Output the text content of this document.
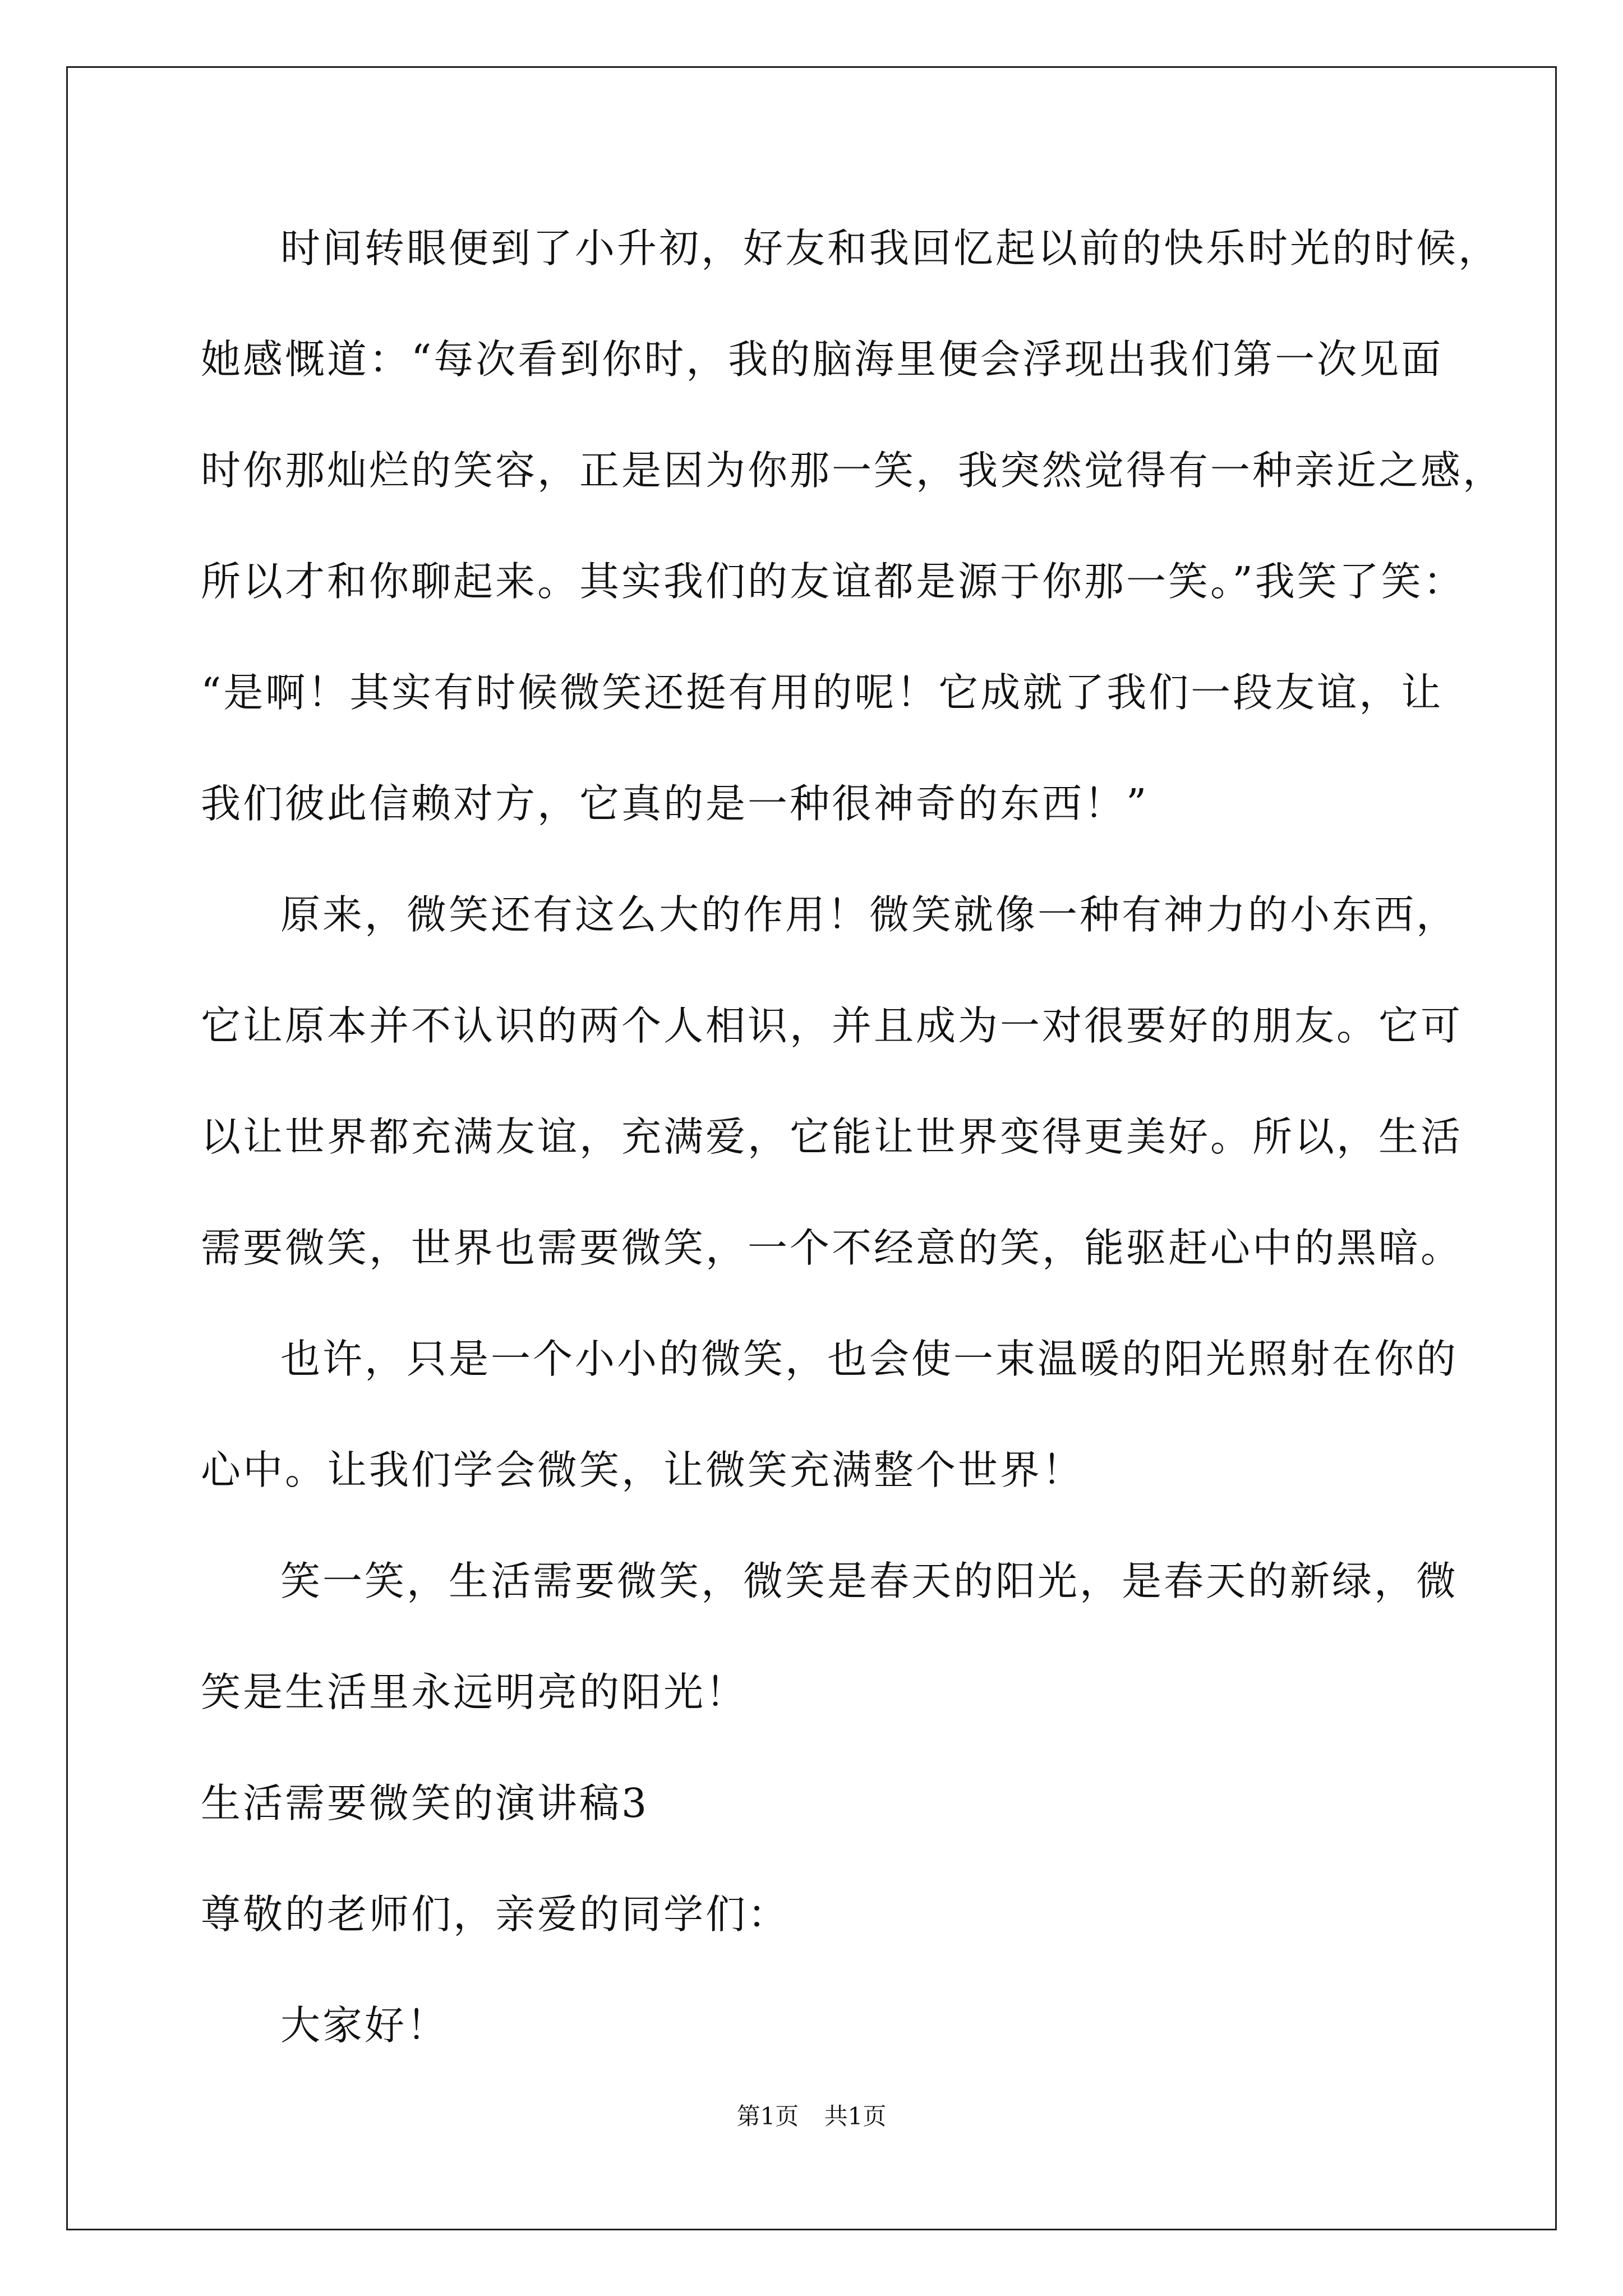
时间转眼便到了小升初，好友和我回忆起以前的快乐时光的时候，

她感慨道：“每次看到你时，我的脑海里便会浮现出我们第一次见面

时你那灿烂的笑容，正是因为你那一笑，我突然觉得有一种亲近之感，

所以才和你聊起来。其实我们的友谊都是源于你那一笑。”我笑了笑：

“是啊！其实有时候微笑还挺有用的呢！它成就了我们一段友谊，让

我们彼此信赖对方，它真的是一种很神奇的东西！”

原来，微笑还有这么大的作用！微笑就像一种有神力的小东西，

它让原本并不认识的两个人相识，并且成为一对很要好的朋友。它可

以让世界都充满友谊，充满爱，它能让世界变得更美好。所以，生活

需要微笑，世界也需要微笑，一个不经意的笑，能驱赶心中的黑暗。

也许，只是一个小小的微笑，也会使一束温暖的阳光照射在你的

心中。让我们学会微笑，让微笑充满整个世界！

笑一笑，生活需要微笑，微笑是春天的阳光，是春天的新绿，微

笑是生活里永远明亮的阳光！

生活需要微笑的演讲稿3

尊敬的老师们，亲爱的同学们：

大家好！

第1页 共1页
